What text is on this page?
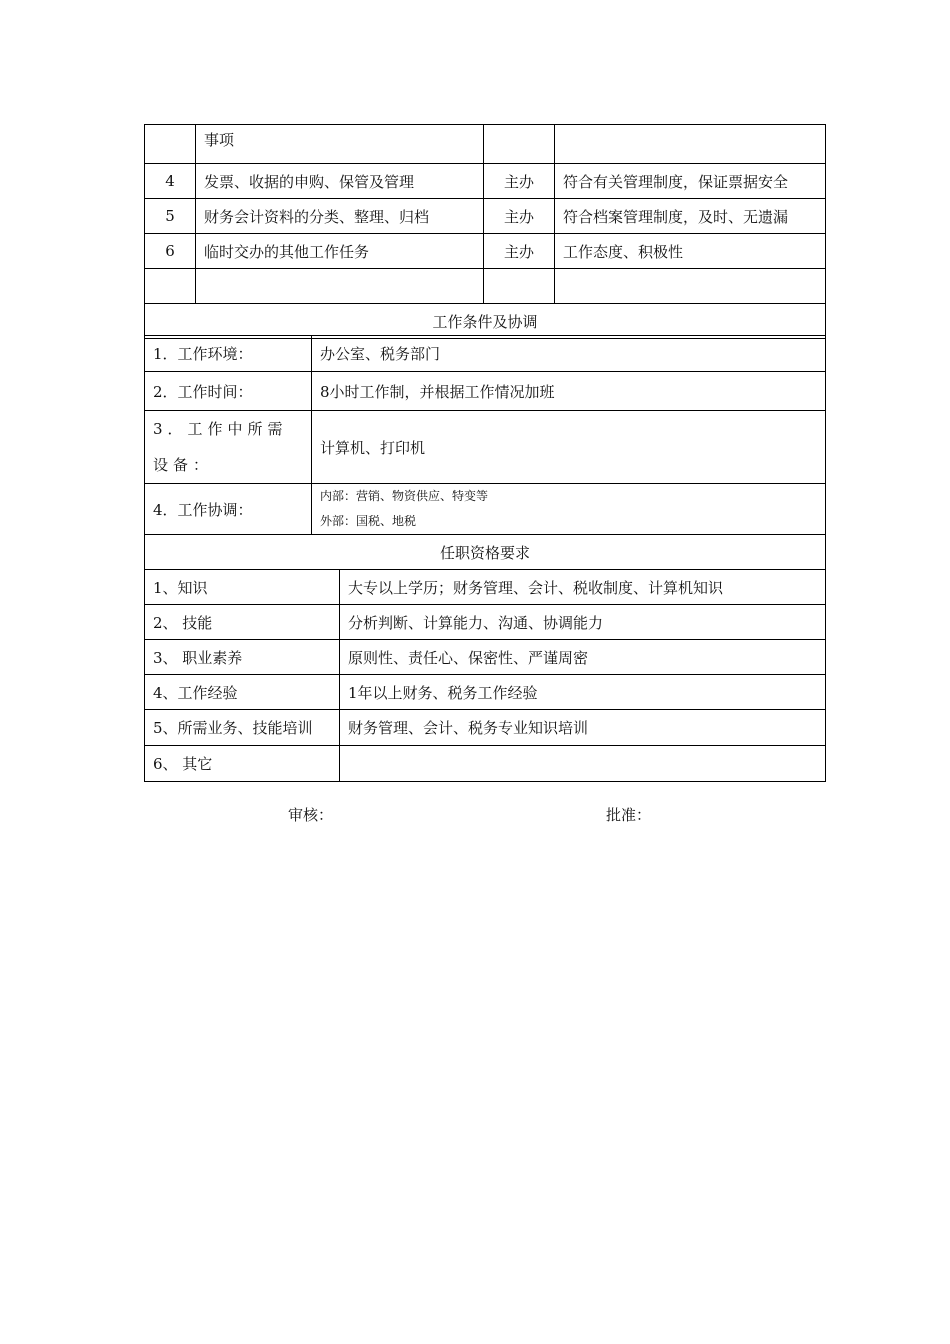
	事项		
4	发票、收据的申购、保管及管理	主办	符合有关管理制度，保证票据安全
5	财务会计资料的分类、整理、归档	主办	符合档案管理制度，及时、无遗漏
6	临时交办的其他工作任务	主办	工作态度、积极性

工作条件及协调			
1．工作环境：	办公室、税务部门
2．工作时间：	8小时工作制，并根据工作情况加班
3．工作中所需设备：	计算机、打印机
4．工作协调：	内部：营销、物资供应、特变等
外部：国税、地税
任职资格要求	
1、知识	大专以上学历；财务管理、会计、税收制度、计算机知识
2、 技能	分析判断、计算能力、沟通、协调能力
3、 职业素养	原则性、责任心、保密性、严谨周密
4、工作经验	1年以上财务、税务工作经验
5、所需业务、技能培训	财务管理、会计、税务专业知识培训
6、 其它	
审核：	批准：
